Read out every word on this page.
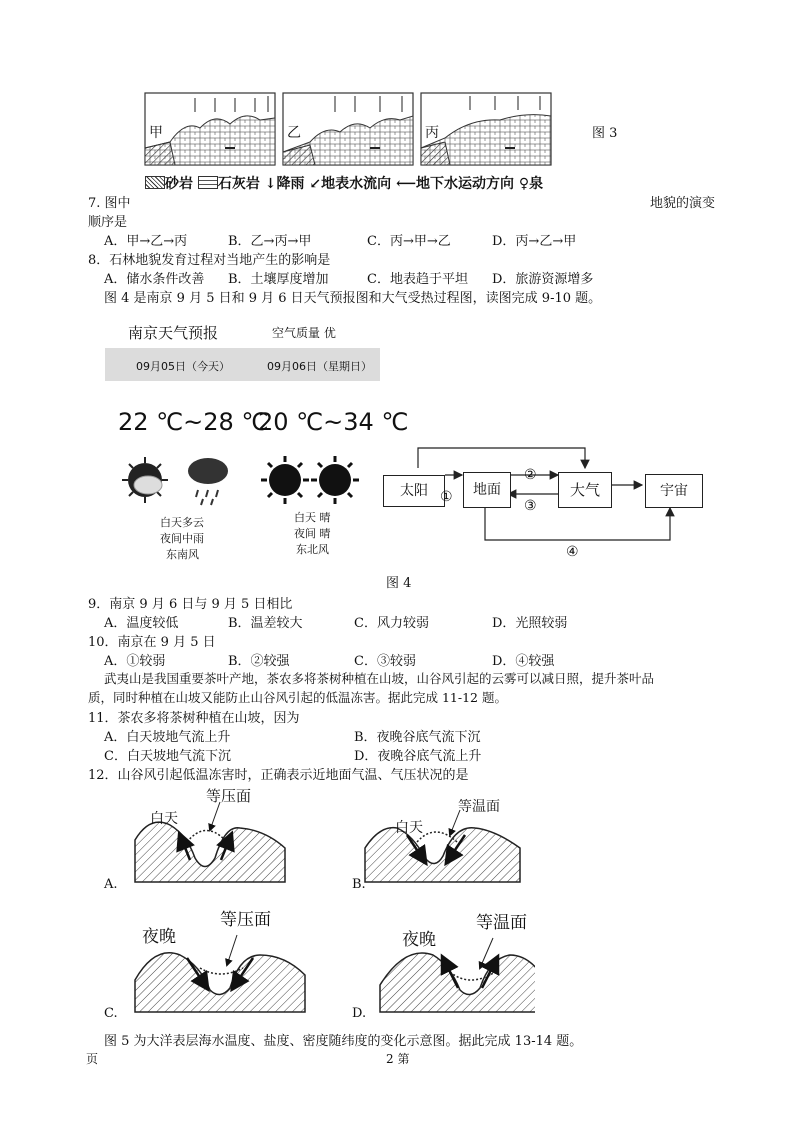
甲	乙	丙	图 3
砂岩 石灰岩 ↓降雨 ↙地表水流向 ⟵地下水运动方向 ♀泉
7. 图中	地貌的演变
顺序是
A．甲→乙→丙	B．乙→丙→甲	C．丙→甲→乙	D．丙→乙→甲
8．石林地貌发育过程对当地产生的影响是
A．储水条件改善 B．土壤厚度增加	C．地表趋于平坦 D．旅游资源增多
图 4 是南京 9 月 5 日和 9 月 6 日天气预报图和大气受热过程图，读图完成 9-10 题。
南京天气预报	空气质量 优
09月05日（今天）	09月06日（星期日）
22 ℃~28 ℃
20 ℃~34 ℃
白天多云
夜间中雨
东南风
白天 晴
夜间 晴
东北风
太阳	地面	大气	宇宙
①
②
③
④
图 4
9．南京 9 月 6 日与 9 月 5 日相比
A．温度较低	B．温差较大	C．风力较弱	D．光照较弱
10．南京在 9 月 5 日
A．①较弱	B．②较强	C．③较弱	D．④较强
武夷山是我国重要茶叶产地，茶农多将茶树种植在山坡，山谷风引起的云雾可以减日照，提升茶叶品
质，同时种植在山坡又能防止山谷风引起的低温冻害。据此完成 11-12 题。
11．茶农多将茶树种植在山坡，因为
A．白天坡地气流上升	B．夜晚谷底气流下沉
C．白天坡地气流下沉	D．夜晚谷底气流上升
12．山谷风引起低温冻害时，正确表示近地面气温、气压状况的是
A.
白天
等压面
B.
白天
等温面
C.
夜晚
等压面
D.
夜晚
等温面
图 5 为大洋表层海水温度、盐度、密度随纬度的变化示意图。据此完成 13-14 题。
页	2 第
